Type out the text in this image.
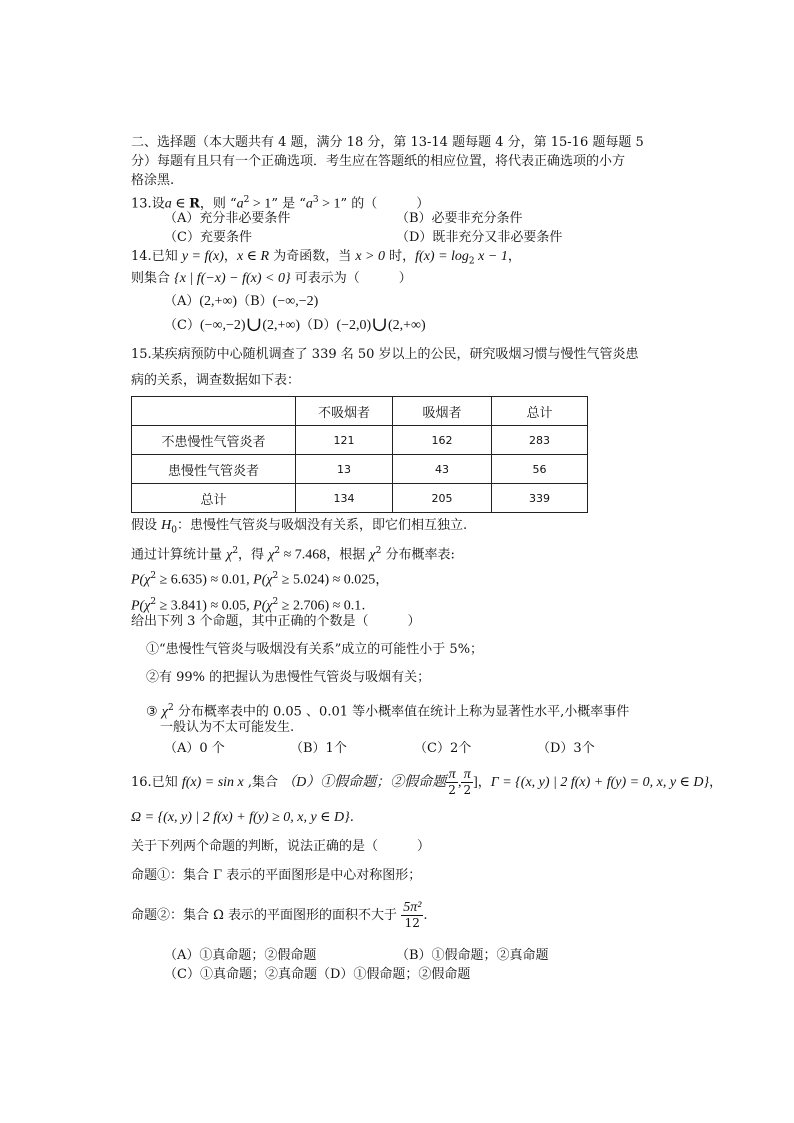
二、选择题（本大题共有 4 题，满分 18 分，第 13-14 题每题 4 分，第 15-16 题每题 5
分）每题有且只有一个正确选项．考生应在答题纸的相应位置，将代表正确选项的小方
格涂黑.
13.设a ∈ R，则 “$a^2 > 1$” 是 “$a^3 > 1$” 的（　　　）
（A）充分非必要条件	（B）必要非充分条件
（C）充要条件	（D）既非充分又非必要条件
14.已知 y = f(x)，x ∈ R 为奇函数，当 x > 0 时，$f(x) = \log_2 x - 1$，
则集合 {x | f(−x) − f(x) < 0} 可表示为（　　　）
（A）(2,+∞)（B）(−∞,−2)
（C）(−∞,−2)∪(2,+∞)（D）(−2,0)∪(2,+∞)
15.某疾病预防中心随机调查了 339 名 50 岁以上的公民，研究吸烟习惯与慢性气管炎患
病的关系，调查数据如下表：
	不吸烟者	吸烟者	总计
不患慢性气管炎者	121	162	283
患慢性气管炎者	13	43	56
总计	134	205	339
假设 $H_0$：患慢性气管炎与吸烟没有关系，即它们相互独立.
通过计算统计量 $\chi^2$，得 $\chi^2 \approx 7.468$，根据 $\chi^2$ 分布概率表:
$P(\chi^2 \ge 6.635) \approx 0.01$, $P(\chi^2 \ge 5.024) \approx 0.025$，
$P(\chi^2 \ge 3.841) \approx 0.05$, $P(\chi^2 \ge 2.706) \approx 0.1$.
给出下列 3 个命题，其中正确的个数是（　　　）
①“患慢性气管炎与吸烟没有关系”成立的可能性小于 5%；
②有 99% 的把握认为患慢性气管炎与吸烟有关；
③ $\chi^2$ 分布概率表中的 0.05 、0.01 等小概率值在统计上称为显著性水平,小概率事件
一般认为不太可能发生.
（A）0 个	（B）1个	（C）2个	（D）3个
16.已知 f(x) = sin x ,集合 （D）①假命题；②假命题 $\frac{\pi}{2}$ , $\frac{\pi}{2}$ ]，Γ = {(x, y) | 2 f(x) + f(y) = 0, x, y ∈ D}，
Ω = {(x, y) | 2 f(x) + f(y) ≥ 0, x, y ∈ D}.
关于下列两个命题的判断，说法正确的是（　　　）
命题①：集合 Γ 表示的平面图形是中心对称图形；
命题②：集合 Ω 表示的平面图形的面积不大于 $\frac{\text{5π²}}{12}$ .
（A）①真命题；②假命题	（B）①假命题；②真命题
（C）①真命题；②真命题（D）①假命题；②假命题
